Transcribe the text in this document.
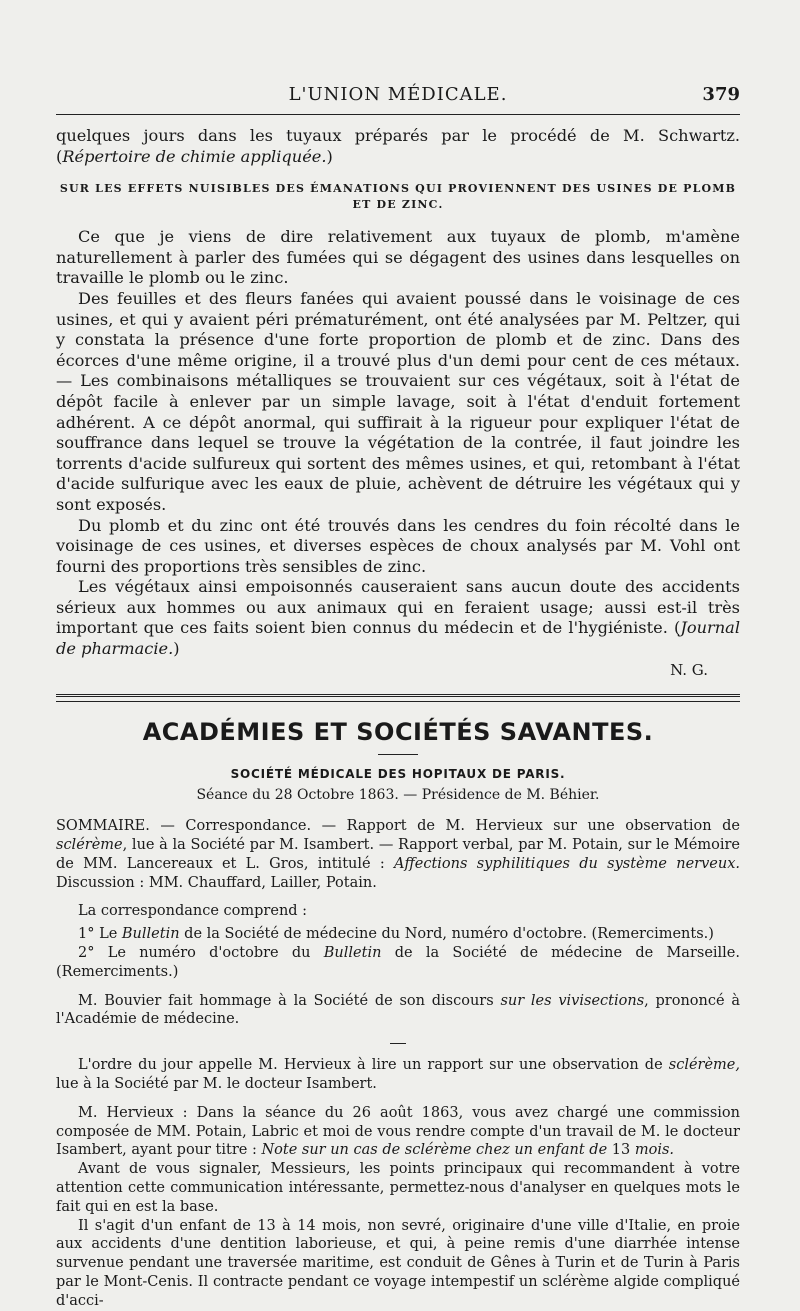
L'UNION MÉDICALE.	379

quelques jours dans les tuyaux préparés par le procédé de M. Schwartz. (Répertoire de chimie appliquée.)

SUR LES EFFETS NUISIBLES DES ÉMANATIONS QUI PROVIENNENT DES USINES DE PLOMB ET DE ZINC.

Ce que je viens de dire relativement aux tuyaux de plomb, m'amène naturellement à parler des fumées qui se dégagent des usines dans lesquelles on travaille le plomb ou le zinc.

Des feuilles et des fleurs fanées qui avaient poussé dans le voisinage de ces usines, et qui y avaient péri prématurément, ont été analysées par M. Peltzer, qui y constata la présence d'une forte proportion de plomb et de zinc. Dans des écorces d'une même origine, il a trouvé plus d'un demi pour cent de ces métaux. — Les combinaisons métalliques se trouvaient sur ces végétaux, soit à l'état de dépôt facile à enlever par un simple lavage, soit à l'état d'enduit fortement adhérent. A ce dépôt anormal, qui suffirait à la rigueur pour expliquer l'état de souffrance dans lequel se trouve la végétation de la contrée, il faut joindre les torrents d'acide sulfureux qui sortent des mêmes usines, et qui, retombant à l'état d'acide sulfurique avec les eaux de pluie, achèvent de détruire les végétaux qui y sont exposés.

Du plomb et du zinc ont été trouvés dans les cendres du foin récolté dans le voisinage de ces usines, et diverses espèces de choux analysés par M. Vohl ont fourni des proportions très sensibles de zinc.

Les végétaux ainsi empoisonnés causeraient sans aucun doute des accidents sérieux aux hommes ou aux animaux qui en feraient usage; aussi est-il très important que ces faits soient bien connus du médecin et de l'hygiéniste. (Journal de pharmacie.)

N. G.

ACADÉMIES ET SOCIÉTÉS SAVANTES.
SOCIÉTÉ MÉDICALE DES HOPITAUX DE PARIS.
Séance du 28 Octobre 1863. — Présidence de M. Béhier.

SOMMAIRE. — Correspondance. — Rapport de M. Hervieux sur une observation de sclérème, lue à la Société par M. Isambert. — Rapport verbal, par M. Potain, sur le Mémoire de MM. Lancereaux et L. Gros, intitulé : Affections syphilitiques du système nerveux. Discussion : MM. Chauffard, Lailler, Potain.

La correspondance comprend :

1° Le Bulletin de la Société de médecine du Nord, numéro d'octobre. (Remerciments.)

2° Le numéro d'octobre du Bulletin de la Société de médecine de Marseille. (Remerciments.)

M. Bouvier fait hommage à la Société de son discours sur les vivisections, prononcé à l'Académie de médecine.

L'ordre du jour appelle M. Hervieux à lire un rapport sur une observation de sclérème, lue à la Société par M. le docteur Isambert.

M. Hervieux : Dans la séance du 26 août 1863, vous avez chargé une commission composée de MM. Potain, Labric et moi de vous rendre compte d'un travail de M. le docteur Isambert, ayant pour titre : Note sur un cas de sclérème chez un enfant de 13 mois.

Avant de vous signaler, Messieurs, les points principaux qui recommandent à votre attention cette communication intéressante, permettez-nous d'analyser en quelques mots le fait qui en est la base.

Il s'agit d'un enfant de 13 à 14 mois, non sevré, originaire d'une ville d'Italie, en proie aux accidents d'une dentition laborieuse, et qui, à peine remis d'une diarrhée intense survenue pendant une traversée maritime, est conduit de Gênes à Turin et de Turin à Paris par le Mont-Cenis. Il contracte pendant ce voyage intempestif un sclérème algide compliqué d'acci-
